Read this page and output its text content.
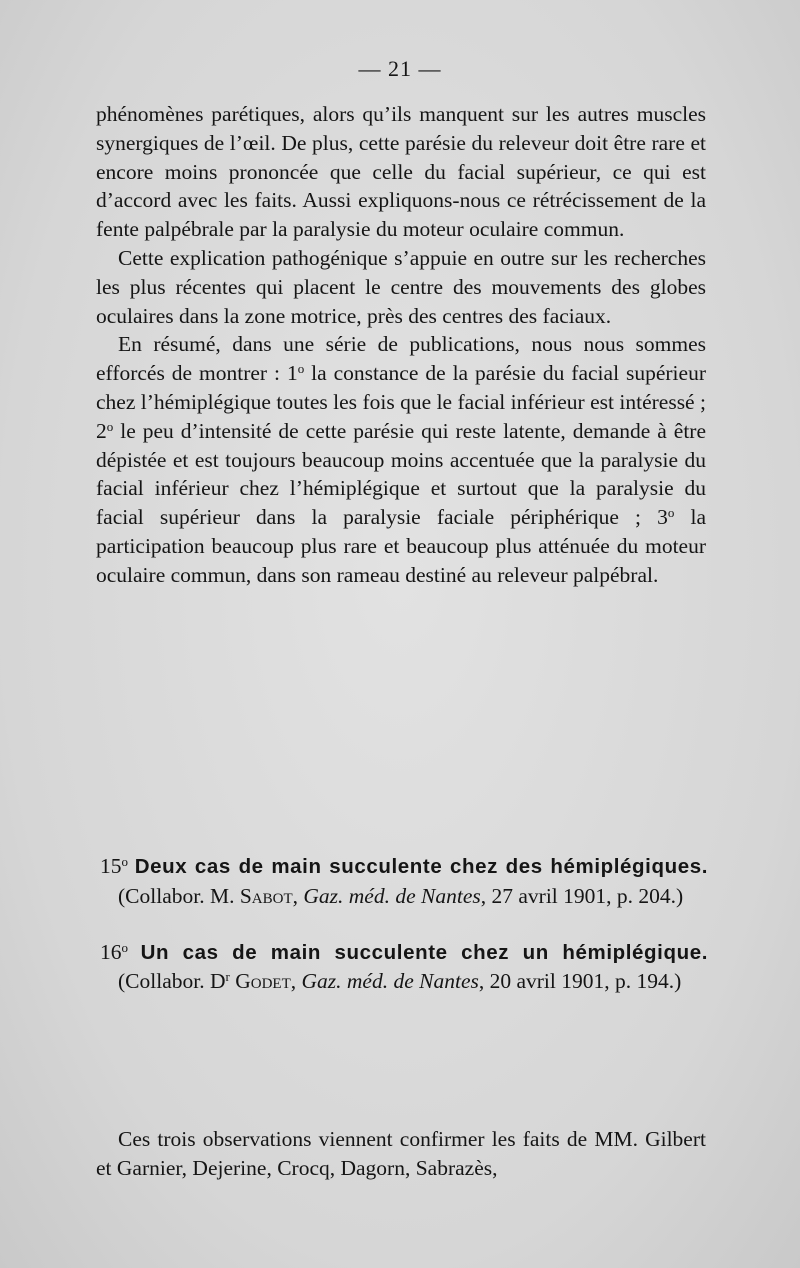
— 21 —

phénomènes parétiques, alors qu’ils manquent sur les autres muscles synergiques de l’œil. De plus, cette parésie du releveur doit être rare et encore moins prononcée que celle du facial supérieur, ce qui est d’accord avec les faits. Aussi expliquons-nous ce rétrécissement de la fente palpébrale par la paralysie du moteur oculaire commun.

Cette explication pathogénique s’appuie en outre sur les recherches les plus récentes qui placent le centre des mouvements des globes oculaires dans la zone motrice, près des centres des faciaux.

En résumé, dans une série de publications, nous nous sommes efforcés de montrer : 1$^o$ la constance de la parésie du facial supérieur chez l’hémiplégique toutes les fois que le facial inférieur est intéressé ; 2$^o$ le peu d’intensité de cette parésie qui reste latente, demande à être dépistée et est toujours beaucoup moins accentuée que la paralysie du facial inférieur chez l’hémiplégique et surtout que la paralysie du facial supérieur dans la paralysie faciale périphérique ; 3$^o$ la participation beaucoup plus rare et beaucoup plus atténuée du moteur oculaire commun, dans son rameau destiné au releveur palpébral.

15$^o$ Deux cas de main succulente chez des hémiplégiques. (Collabor. M. Sabot, Gaz. méd. de Nantes, 27 avril 1901, p. 204.)

16$^o$ Un cas de main succulente chez un hémiplégique. (Collabor. $D^r$ Godet, Gaz. méd. de Nantes, 20 avril 1901, p. 194.)

Ces trois observations viennent confirmer les faits de MM. Gilbert et Garnier, Dejerine, Crocq, Dagorn, Sabrazès,
